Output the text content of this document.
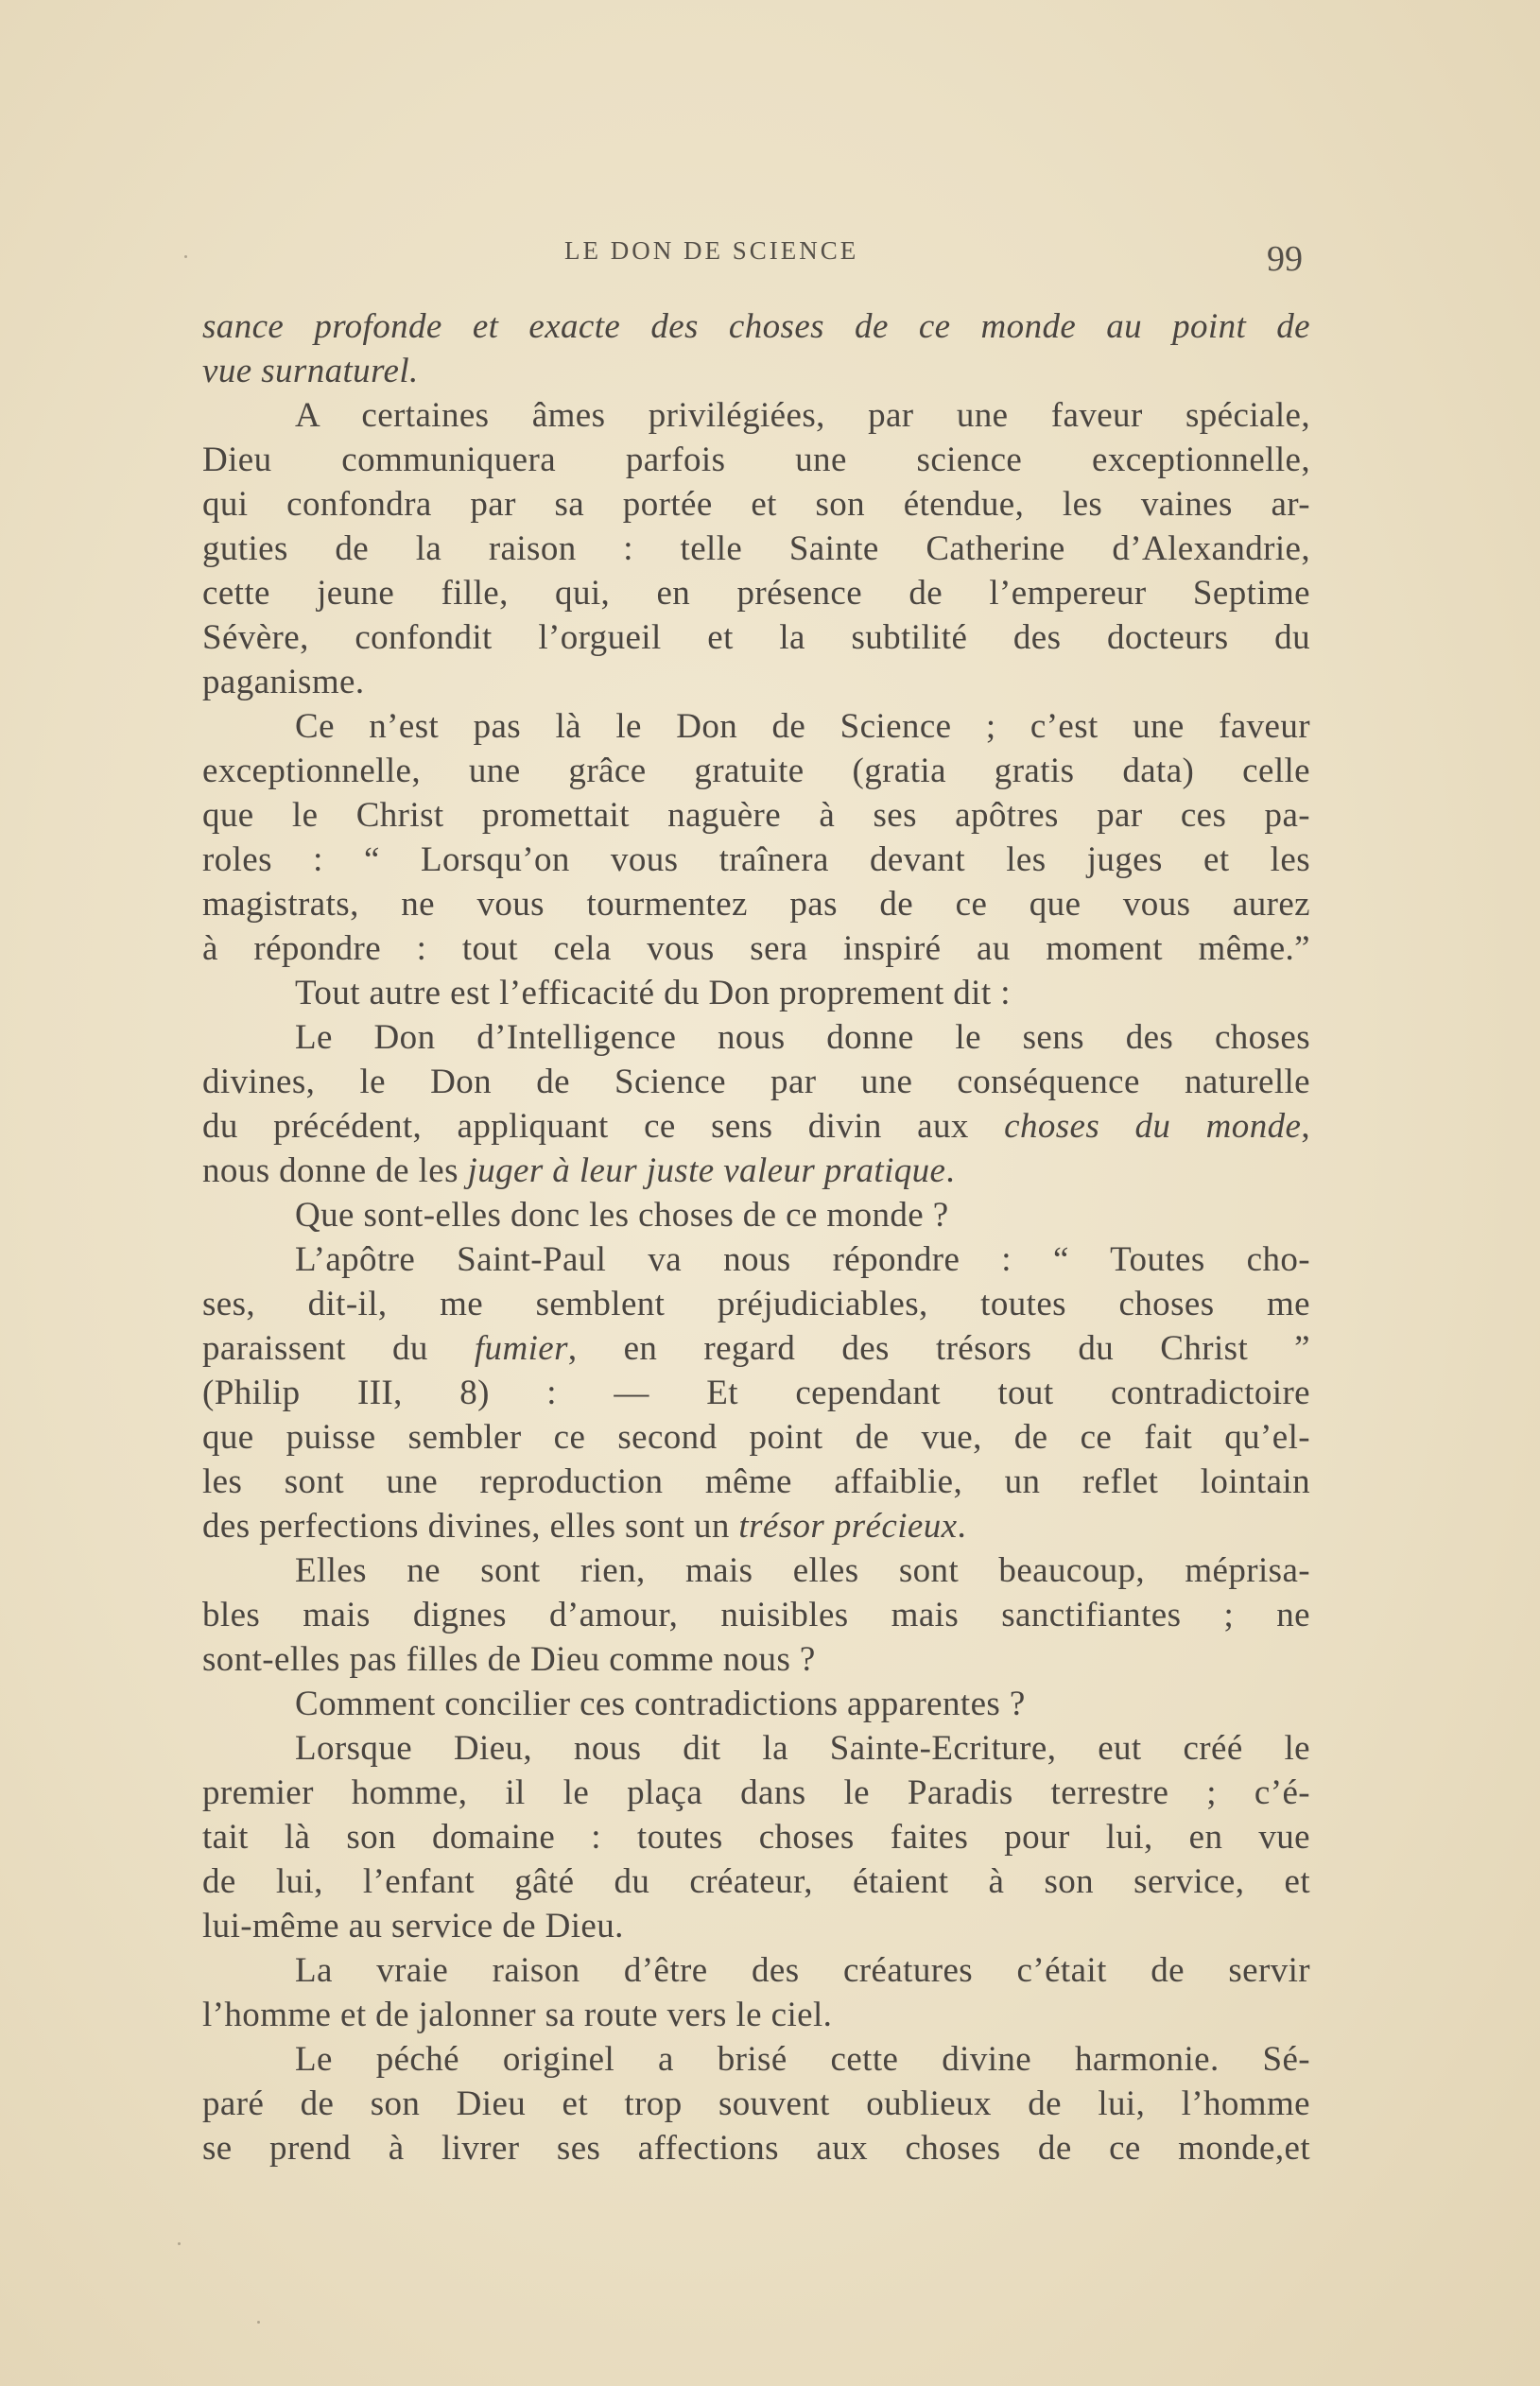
LE DON DE SCIENCE	99
sance profonde et exacte des choses de ce monde au point de
vue surnaturel.
A certaines âmes privilégiées, par une faveur spéciale,
Dieu communiquera parfois une science exceptionnelle,
qui confondra par sa portée et son étendue, les vaines ar-
guties de la raison : telle Sainte Catherine d’Alexandrie,
cette jeune fille, qui, en présence de l’empereur Septime
Sévère, confondit l’orgueil et la subtilité des docteurs du
paganisme.
Ce n’est pas là le Don de Science ; c’est une faveur
exceptionnelle, une grâce gratuite (gratia gratis data) celle
que le Christ promettait naguère à ses apôtres par ces pa-
roles : “ Lorsqu’on vous traînera devant les juges et les
magistrats, ne vous tourmentez pas de ce que vous aurez
à répondre : tout cela vous sera inspiré au moment même.”
Tout autre est l’efficacité du Don proprement dit :
Le Don d’Intelligence nous donne le sens des choses
divines, le Don de Science par une conséquence naturelle
du précédent, appliquant ce sens divin aux choses du monde,
nous donne de les juger à leur juste valeur pratique.
Que sont-elles donc les choses de ce monde ?
L’apôtre Saint-Paul va nous répondre : “ Toutes cho-
ses, dit-il, me semblent préjudiciables, toutes choses me
paraissent du fumier, en regard des trésors du Christ ”
(Philip III, 8) : — Et cependant tout contradictoire
que puisse sembler ce second point de vue, de ce fait qu’el-
les sont une reproduction même affaiblie, un reflet lointain
des perfections divines, elles sont un trésor précieux.
Elles ne sont rien, mais elles sont beaucoup, méprisa-
bles mais dignes d’amour, nuisibles mais sanctifiantes ; ne
sont-elles pas filles de Dieu comme nous ?
Comment concilier ces contradictions apparentes ?
Lorsque Dieu, nous dit la Sainte-Ecriture, eut créé le
premier homme, il le plaça dans le Paradis terrestre ; c’é-
tait là son domaine : toutes choses faites pour lui, en vue
de lui, l’enfant gâté du créateur, étaient à son service, et
lui-même au service de Dieu.
La vraie raison d’être des créatures c’était de servir
l’homme et de jalonner sa route vers le ciel.
Le péché originel a brisé cette divine harmonie. Sé-
paré de son Dieu et trop souvent oublieux de lui, l’homme
se prend à livrer ses affections aux choses de ce monde,et
